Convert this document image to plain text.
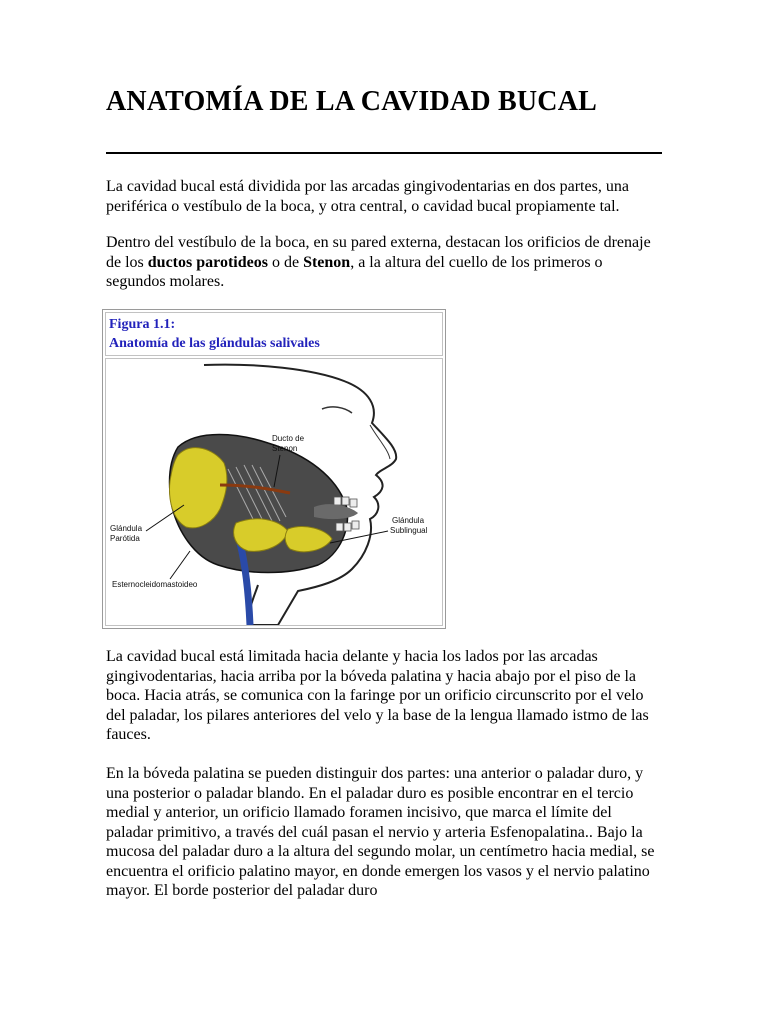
ANATOMÍA DE LA CAVIDAD BUCAL

La cavidad bucal está dividida por las arcadas gingivodentarias en dos partes, una periférica o vestíbulo de la boca, y otra central, o cavidad bucal propiamente tal.

Dentro del vestíbulo de la boca, en su pared externa, destacan los orificios de drenaje de los ductos parotideos o de Stenon, a la altura del cuello de los primeros o segundos molares.

Figura 1.1:
Anatomía de las glándulas salivales
Ducto de
Stenon
Glándula
Sublingual
Glándula
Parótida
Esternocleidomastoideo

La cavidad bucal está limitada hacia delante y hacia los lados por las arcadas gingivodentarias, hacia arriba por la bóveda palatina y hacia abajo por el piso de la boca. Hacia atrás, se comunica con la faringe por un orificio circunscrito por el velo del paladar, los pilares anteriores del velo y la base de la lengua llamado istmo de las fauces.

En la bóveda palatina se pueden distinguir dos partes: una anterior o paladar duro, y una posterior o paladar blando. En el paladar duro es posible encontrar en el tercio medial y anterior, un orificio llamado foramen incisivo, que marca el límite del paladar primitivo, a través del cuál pasan el nervio y arteria Esfenopalatina.. Bajo la mucosa del paladar duro a la altura del segundo molar, un centímetro hacia medial, se encuentra el orificio palatino mayor, en donde emergen los vasos y el nervio palatino mayor. El borde posterior del paladar duro
